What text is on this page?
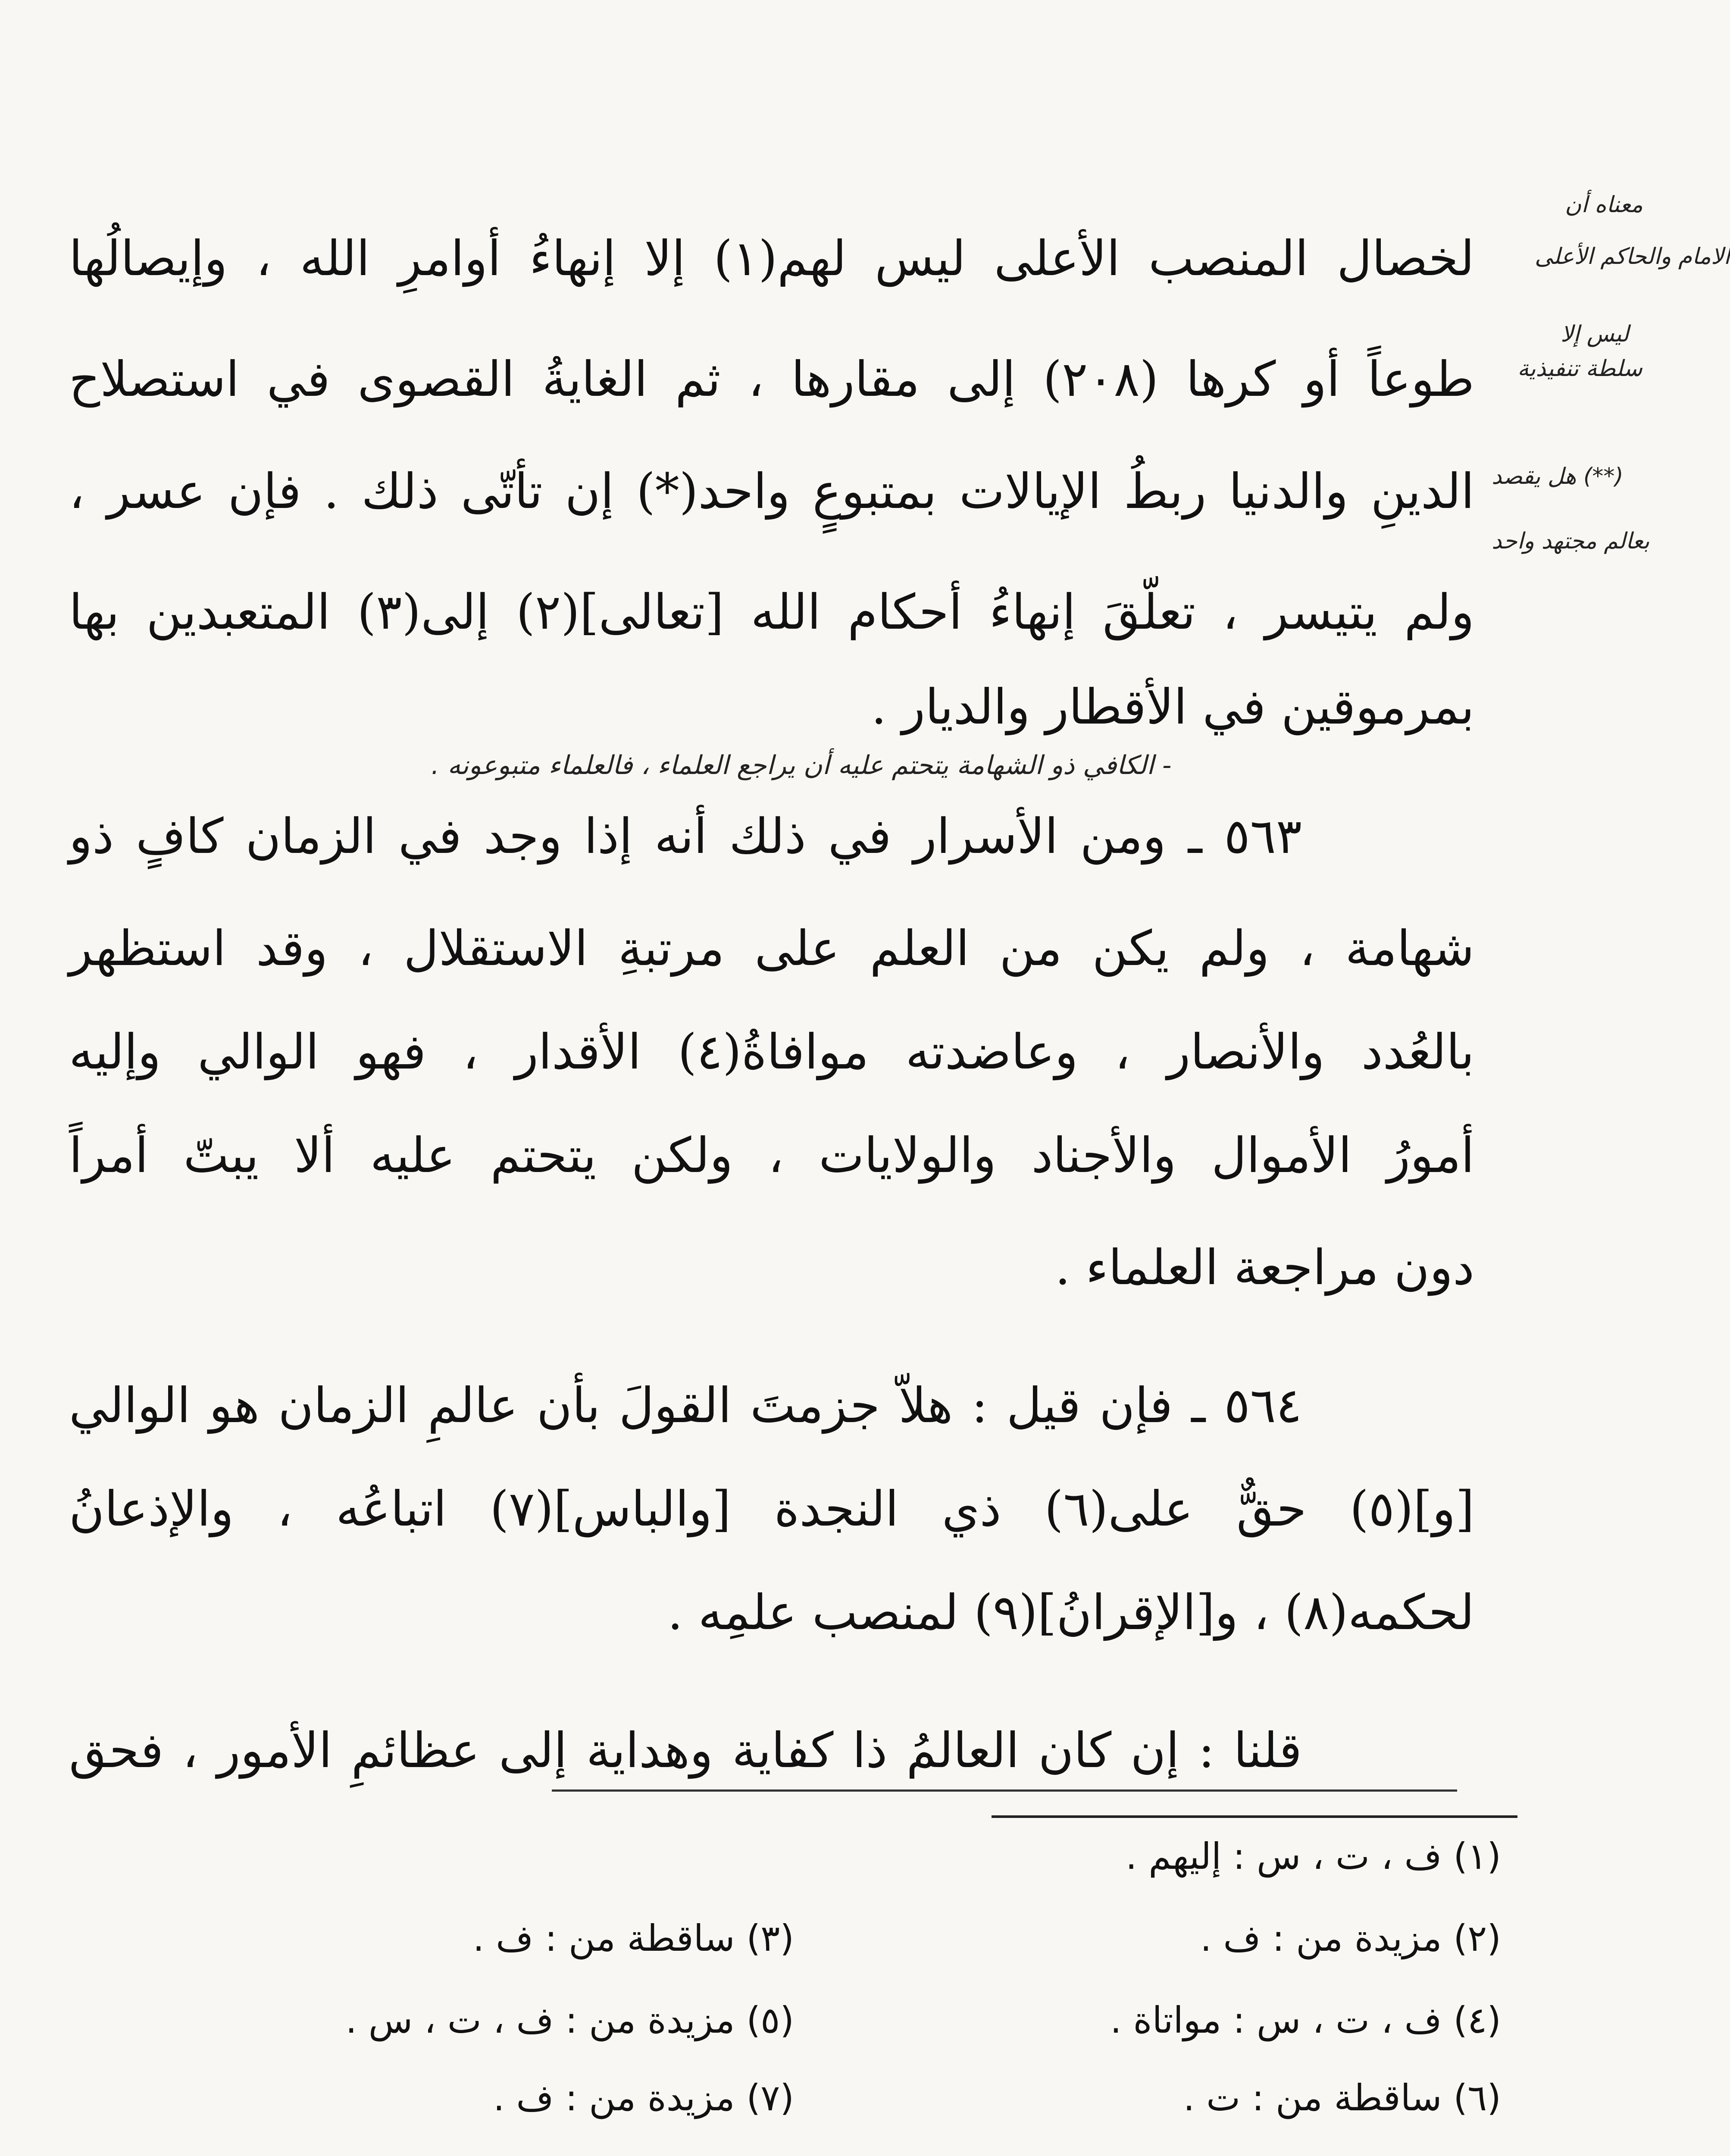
معناه أن
الامام والحاكم الأعلى
ليس إلا
سلطة تنفيذية
(**) هل يقصد
بعالم مجتهد واحد
- الكافي ذو الشهامة يتحتم عليه أن يراجع العلماء ، فالعلماء متبوعونه .
لخصال المنصب الأعلى ليس لهم(١) إلا إنهاءُ أوامرِ الله ، وإيصالُها
طوعاً أو كرها (٢٠٨) إلى مقارها ، ثم الغايةُ القصوى في استصلاح
الدينِ والدنيا ربطُ الإيالات بمتبوعٍ واحد(*) إن تأتّى ذلك . فإن عسر ،
ولم يتيسر ، تعلّقَ إنهاءُ أحكام الله [تعالى](٢) إلى(٣) المتعبدين بها
بمرموقين في الأقطار والديار .
٥٦٣ ـ ومن الأسرار في ذلك أنه إذا وجد في الزمان كافٍ ذو
شهامة ، ولم يكن من العلم على مرتبةِ الاستقلال ، وقد استظهر
بالعُدد والأنصار ، وعاضدته موافاةُ(٤) الأقدار ، فهو الوالي وإليه
أمورُ الأموال والأجناد والولايات ، ولكن يتحتم عليه ألا يبتّ أمراً
دون مراجعة العلماء .
٥٦٤ ـ فإن قيل : هلاّ جزمتَ القولَ بأن عالمِ الزمان هو الوالي
[و](٥) حقٌّ على(٦) ذي النجدة [والباس](٧) اتباعُه ، والإذعانُ
لحكمه(٨) ، و[الإقرانُ](٩) لمنصب علمِه .
قلنا : إن كان العالمُ ذا كفاية وهداية إلى عظائمِ الأمور ، فحق
(١) ف ، ت ، س : إليهم .
(٢) مزيدة من : ف .
(٤) ف ، ت ، س : مواتاة .
(٦) ساقطة من : ت .
(٣) ساقطة من : ف .
(٥) مزيدة من : ف ، ت ، س .
(٧) مزيدة من : ف .
